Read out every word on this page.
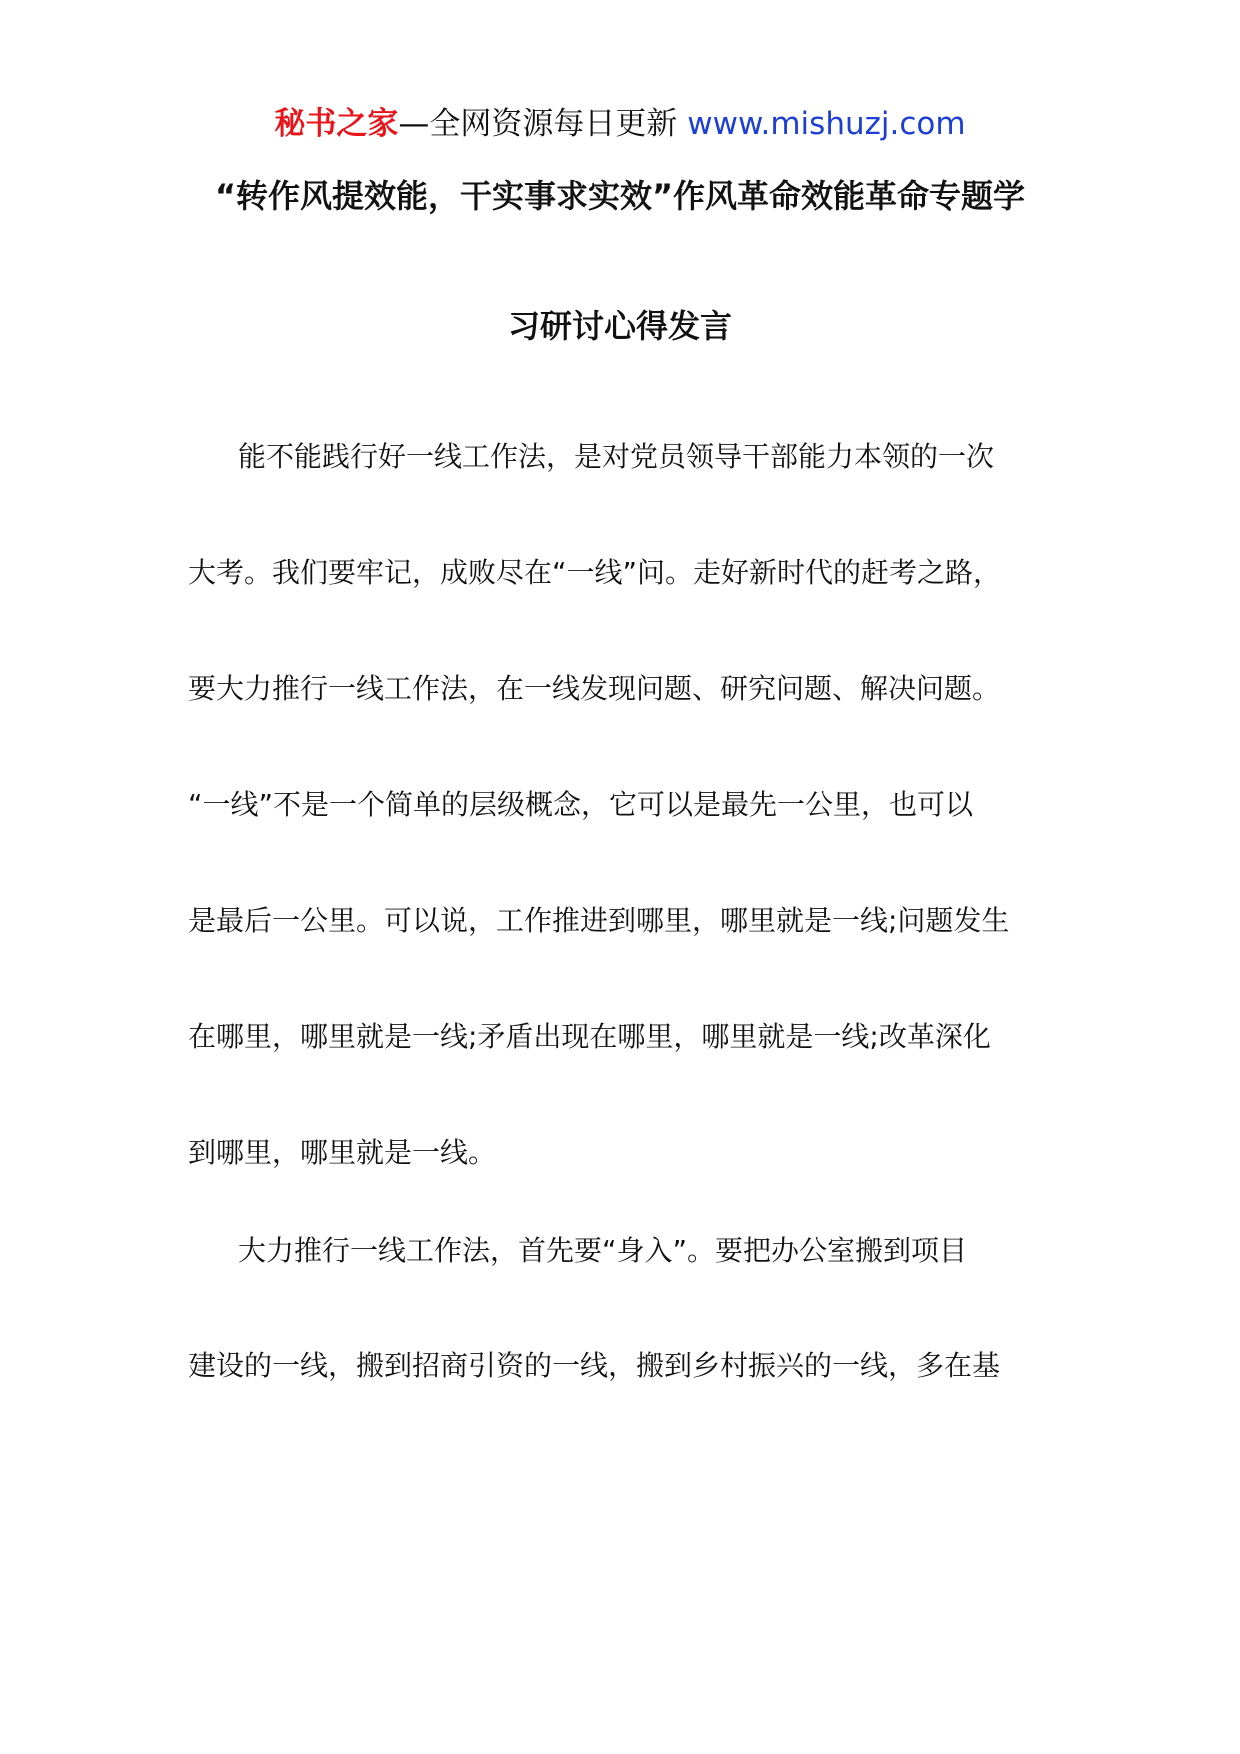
秘书之家—全网资源每日更新 www.mishuzj.com
“转作风提效能，干实事求实效”作风革命效能革命专题学
习研讨心得发言
能不能践行好一线工作法，是对党员领导干部能力本领的一次
大考。我们要牢记，成败尽在“一线”问。走好新时代的赶考之路，
要大力推行一线工作法，在一线发现问题、研究问题、解决问题。
“一线”不是一个简单的层级概念，它可以是最先一公里，也可以
是最后一公里。可以说，工作推进到哪里，哪里就是一线;问题发生
在哪里，哪里就是一线;矛盾出现在哪里，哪里就是一线;改革深化
到哪里，哪里就是一线。
大力推行一线工作法，首先要“身入”。要把办公室搬到项目
建设的一线，搬到招商引资的一线，搬到乡村振兴的一线，多在基
